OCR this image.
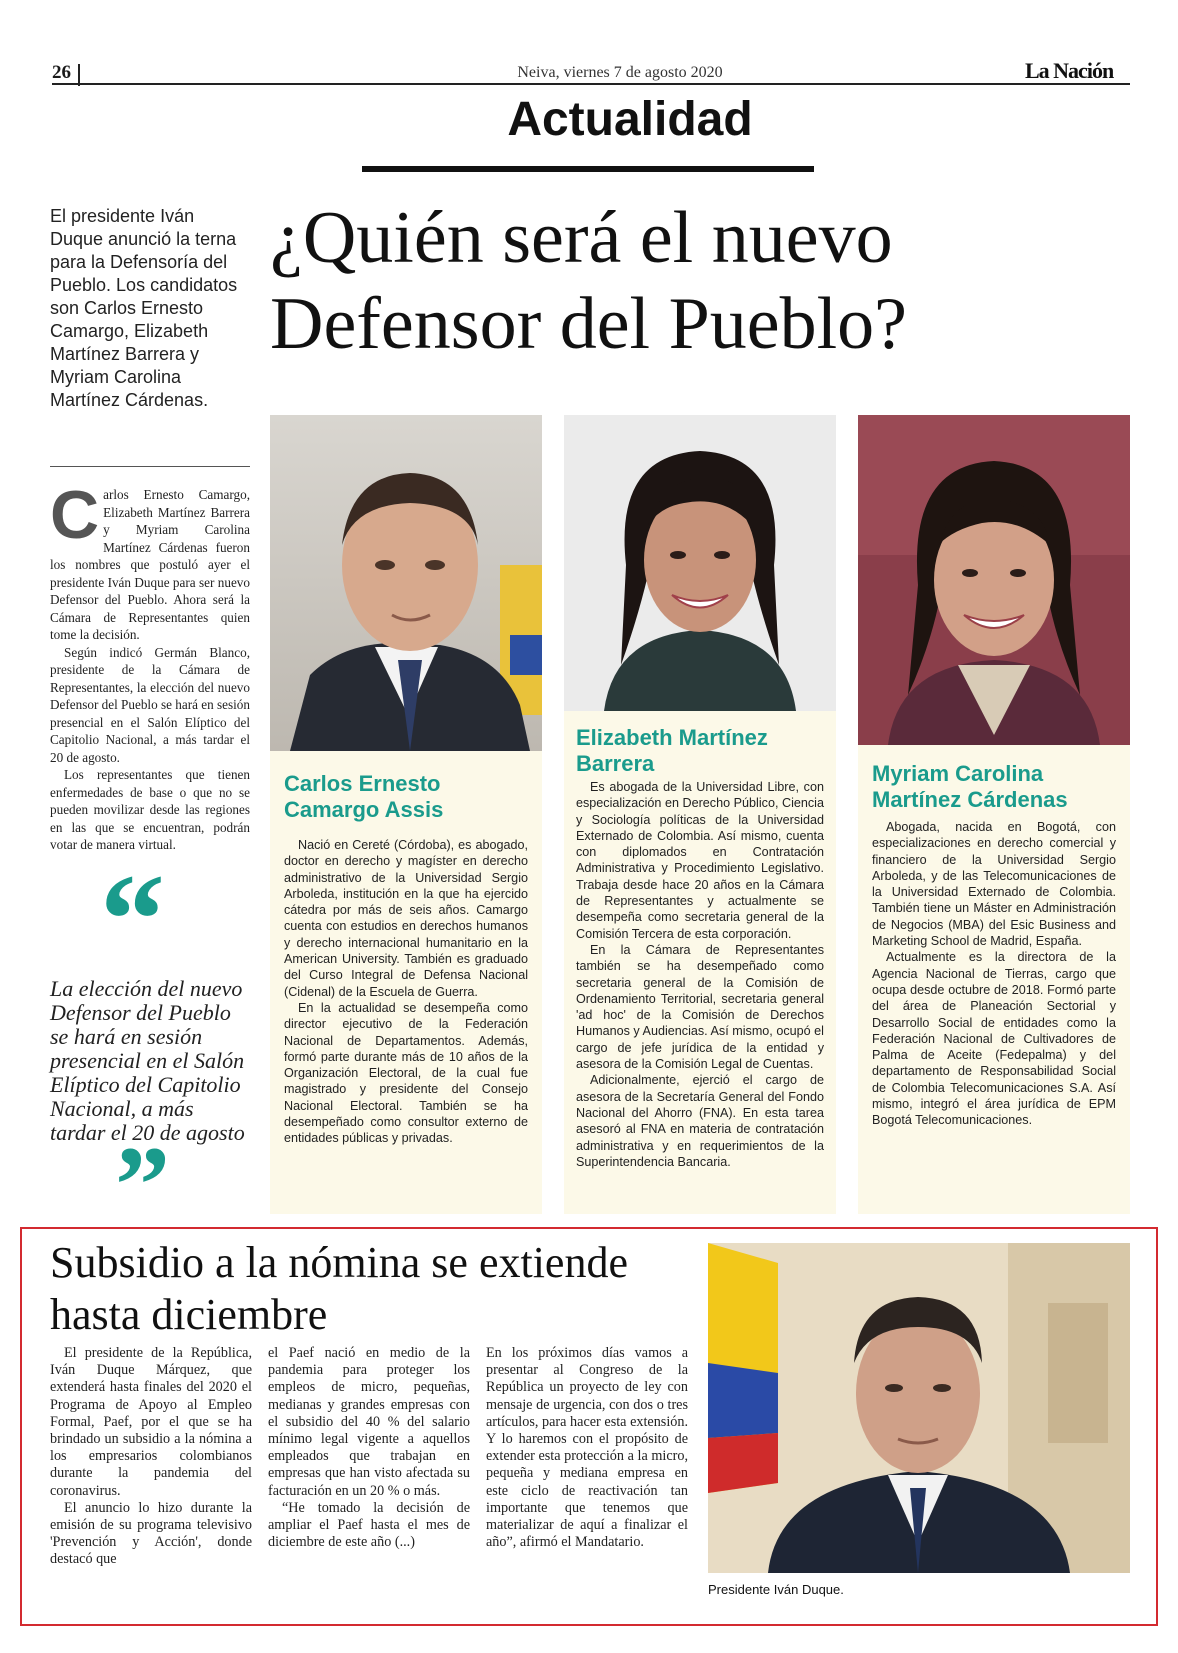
26	Neiva, viernes 7 de agosto 2020	La Nación
Actualidad
¿Quién será el nuevo Defensor del Pueblo?
El presidente Iván Duque anunció la terna para la Defensoría del Pueblo. Los candidatos son Carlos Ernesto Camargo, Elizabeth Martínez Barrera y Myriam Carolina Martínez Cárdenas.

Carlos Ernesto Camargo, Elizabeth Martínez Barrera y Myriam Carolina Martínez Cárdenas fueron los nombres que postuló ayer el presidente Iván Duque para ser nuevo Defensor del Pueblo. Ahora será la Cámara de Representantes quien tome la decisión.

Según indicó Germán Blanco, presidente de la Cámara de Representantes, la elección del nuevo Defensor del Pueblo se hará en sesión presencial en el Salón Elíptico del Capitolio Nacional, a más tardar el 20 de agosto.

Los representantes que tienen enfermedades de base o que no se pueden movilizar desde las regiones en las que se encuentran, podrán votar de manera virtual.

“
La elección del nuevo Defensor del Pueblo se hará en sesión presencial en el Salón Elíptico del Capitolio Nacional, a más tardar el 20 de agosto
”
Carlos Ernesto Camargo Assis

Nació en Cereté (Córdoba), es abogado, doctor en derecho y magíster en derecho administrativo de la Universidad Sergio Arboleda, institución en la que ha ejercido cátedra por más de seis años. Camargo cuenta con estudios en derechos humanos y derecho internacional humanitario en la American University. También es graduado del Curso Integral de Defensa Nacional (Cidenal) de la Escuela de Guerra.

En la actualidad se desempeña como director ejecutivo de la Federación Nacional de Departamentos. Además, formó parte durante más de 10 años de la Organización Electoral, de la cual fue magistrado y presidente del Consejo Nacional Electoral. También se ha desempeñado como consultor externo de entidades públicas y privadas.

Elizabeth Martínez Barrera

Es abogada de la Universidad Libre, con especialización en Derecho Público, Ciencia y Sociología políticas de la Universidad Externado de Colombia. Así mismo, cuenta con diplomados en Contratación Administrativa y Procedimiento Legislativo. Trabaja desde hace 20 años en la Cámara de Representantes y actualmente se desempeña como secretaria general de la Comisión Tercera de esta corporación.

En la Cámara de Representantes también se ha desempeñado como secretaria general de la Comisión de Ordenamiento Territorial, secretaria general 'ad hoc' de la Comisión de Derechos Humanos y Audiencias. Así mismo, ocupó el cargo de jefe jurídica de la entidad y asesora de la Comisión Legal de Cuentas.

Adicionalmente, ejerció el cargo de asesora de la Secretaría General del Fondo Nacional del Ahorro (FNA). En esta tarea asesoró al FNA en materia de contratación administrativa y en requerimientos de la Superintendencia Bancaria.

Myriam Carolina Martínez Cárdenas

Abogada, nacida en Bogotá, con especializaciones en derecho comercial y financiero de la Universidad Sergio Arboleda, y de las Telecomunicaciones de la Universidad Externado de Colombia. También tiene un Máster en Administración de Negocios (MBA) del Esic Business and Marketing School de Madrid, España.

Actualmente es la directora de la Agencia Nacional de Tierras, cargo que ocupa desde octubre de 2018. Formó parte del área de Planeación Sectorial y Desarrollo Social de entidades como la Federación Nacional de Cultivadores de Palma de Aceite (Fedepalma) y del departamento de Responsabilidad Social de Colombia Telecomunicaciones S.A. Así mismo, integró el área jurídica de EPM Bogotá Telecomunicaciones.

Subsidio a la nómina se extiende hasta diciembre

El presidente de la República, Iván Duque Márquez, que extenderá hasta finales del 2020 el Programa de Apoyo al Empleo Formal, Paef, por el que se ha brindado un subsidio a la nómina a los empresarios colombianos durante la pandemia del coronavirus.

El anuncio lo hizo durante la emisión de su programa televisivo 'Prevención y Acción', donde destacó que

el Paef nació en medio de la pandemia para proteger los empleos de micro, pequeñas, medianas y grandes empresas con el subsidio del 40 % del salario mínimo legal vigente a aquellos empleados que trabajan en empresas que han visto afectada su facturación en un 20 % o más.

“He tomado la decisión de ampliar el Paef hasta el mes de diciembre de este año (...)

En los próximos días vamos a presentar al Congreso de la República un proyecto de ley con mensaje de urgencia, con dos o tres artículos, para hacer esta extensión. Y lo haremos con el propósito de extender esta protección a la micro, pequeña y mediana empresa en este ciclo de reactivación tan importante que tenemos que materializar de aquí a finalizar el año”, afirmó el Mandatario.

Presidente Iván Duque.
